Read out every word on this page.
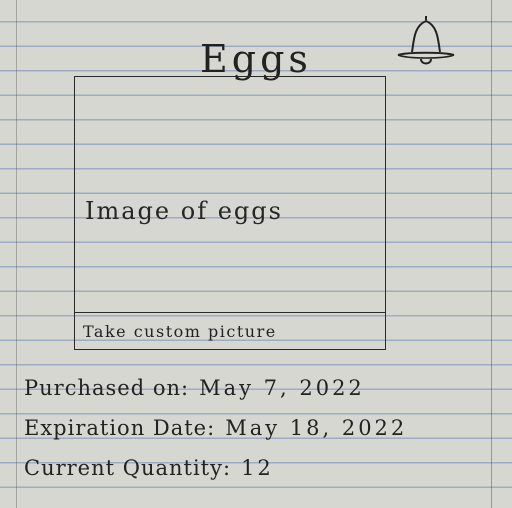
Eggs
Image of eggs
Take custom picture
Purchased on: May 7, 2022
Expiration Date: May 18, 2022
Current Quantity: 12
